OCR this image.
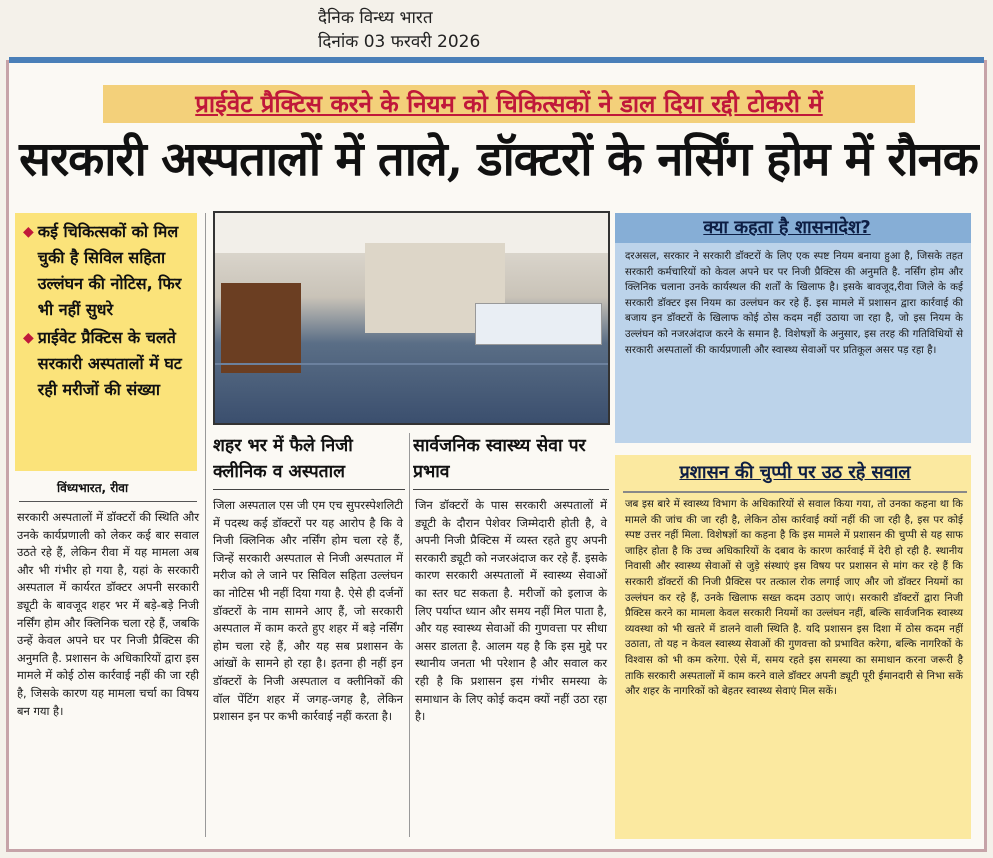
दैनिक विन्ध्य भारत
दिनांक 03 फरवरी 2026
प्राईवेट प्रैक्टिस करने के नियम को चिकित्सकों ने डाल दिया रद्दी टोकरी में
सरकारी अस्पतालों में ताले, डॉक्टरों के नर्सिंग होम में रौनक
◆ कई चिकित्सकों को मिल चुकी है सिविल सहिता उल्लंघन की नोटिस, फिर भी नहीं सुधरे
◆ प्राईवेट प्रैक्टिस के चलते सरकारी अस्पतालों में घट रही मरीजों की संख्या
विंध्यभारत, रीवा
सरकारी अस्पतालों में डॉक्टरों की स्थिति और उनके कार्यप्रणाली को लेकर कई बार सवाल उठते रहे हैं, लेकिन रीवा में यह मामला अब और भी गंभीर हो गया है, यहां के सरकारी अस्पताल में कार्यरत डॉक्टर अपनी सरकारी ड्यूटी के बावजूद शहर भर में बड़े-बड़े निजी नर्सिंग होम और क्लिनिक चला रहे हैं, जबकि उन्हें केवल अपने घर पर निजी प्रैक्टिस की अनुमति है. प्रशासन के अधिकारियों द्वारा इस मामले में कोई ठोस कार्रवाई नहीं की जा रही है, जिसके कारण यह मामला चर्चा का विषय बन गया है।
शहर भर में फैले निजी क्लीनिक व अस्पताल
जिला अस्पताल एस जी एम एच सुपरस्पेशलिटी में पदस्थ कई डॉक्टरों पर यह आरोप है कि वे निजी क्लिनिक और नर्सिंग होम चला रहे हैं, जिन्हें सरकारी अस्पताल से निजी अस्पताल में मरीज को ले जाने पर सिविल सहिता उल्लंघन का नोटिस भी नहीं दिया गया है. ऐसे ही दर्जनों डॉक्टरों के नाम सामने आए हैं, जो सरकारी अस्पताल में काम करते हुए शहर में बड़े नर्सिंग होम चला रहे हैं, और यह सब प्रशासन के आंखों के सामने हो रहा है। इतना ही नहीं इन डॉक्टरों के निजी अस्पताल व क्लीनिकों की वॉल पेंटिंग शहर में जगह-जगह है, लेकिन प्रशासन इन पर कभी कार्रवाई नहीं करता है।
सार्वजनिक स्वास्थ्य सेवा पर प्रभाव
जिन डॉक्टरों के पास सरकारी अस्पतालों में ड्यूटी के दौरान पेशेवर जिम्मेदारी होती है, वे अपनी निजी प्रैक्टिस में व्यस्त रहते हुए अपनी सरकारी ड्यूटी को नजरअंदाज कर रहे हैं. इसके कारण सरकारी अस्पतालों में स्वास्थ्य सेवाओं का स्तर घट सकता है. मरीजों को इलाज के लिए पर्याप्त ध्यान और समय नहीं मिल पाता है, और यह स्वास्थ्य सेवाओं की गुणवत्ता पर सीधा असर डालता है. आलम यह है कि इस मुद्दे पर स्थानीय जनता भी परेशान है और सवाल कर रही है कि प्रशासन इस गंभीर समस्या के समाधान के लिए कोई कदम क्यों नहीं उठा रहा है।
क्या कहता है शासनादेश?
दरअसल, सरकार ने सरकारी डॉक्टरों के लिए एक स्पष्ट नियम बनाया हुआ है, जिसके तहत सरकारी कर्मचारियों को केवल अपने घर पर निजी प्रैक्टिस की अनुमति है. नर्सिंग होम और क्लिनिक चलाना उनके कार्यस्थल की शर्तों के खिलाफ है। इसके बावजूद,रीवा जिले के कई सरकारी डॉक्टर इस नियम का उल्लंघन कर रहे हैं. इस मामले में प्रशासन द्वारा कार्रवाई की बजाय इन डॉक्टरों के खिलाफ कोई ठोस कदम नहीं उठाया जा रहा है, जो इस नियम के उल्लंघन को नजरअंदाज करने के समान है. विशेषज्ञों के अनुसार, इस तरह की गतिविधियों से सरकारी अस्पतालों की कार्यप्रणाली और स्वास्थ्य सेवाओं पर प्रतिकूल असर पड़ रहा है।
प्रशासन की चुप्पी पर उठ रहे सवाल
जब इस बारे में स्वास्थ्य विभाग के अधिकारियों से सवाल किया गया, तो उनका कहना था कि मामले की जांच की जा रही है, लेकिन ठोस कार्रवाई क्यों नहीं की जा रही है, इस पर कोई स्पष्ट उत्तर नहीं मिला. विशेषज्ञों का कहना है कि इस मामले में प्रशासन की चुप्पी से यह साफ जाहिर होता है कि उच्च अधिकारियों के दबाव के कारण कार्रवाई में देरी हो रही है. स्थानीय निवासी और स्वास्थ्य सेवाओं से जुड़े संस्थाएं इस विषय पर प्रशासन से मांग कर रहे हैं कि सरकारी डॉक्टरों की निजी प्रैक्टिस पर तत्काल रोक लगाई जाए और जो डॉक्टर नियमों का उल्लंघन कर रहे हैं, उनके खिलाफ सख्त कदम उठाए जाएं। सरकारी डॉक्टरों द्वारा निजी प्रैक्टिस करने का मामला केवल सरकारी नियमों का उल्लंघन नहीं, बल्कि सार्वजनिक स्वास्थ्य व्यवस्था को भी खतरे में डालने वाली स्थिति है. यदि प्रशासन इस दिशा में ठोस कदम नहीं उठाता, तो यह न केवल स्वास्थ्य सेवाओं की गुणवत्ता को प्रभावित करेगा, बल्कि नागरिकों के विश्वास को भी कम करेगा. ऐसे में, समय रहते इस समस्या का समाधान करना जरूरी है ताकि सरकारी अस्पतालों में काम करने वाले डॉक्टर अपनी ड्यूटी पूरी ईमानदारी से निभा सकें और शहर के नागरिकों को बेहतर स्वास्थ्य सेवाएं मिल सकें।
